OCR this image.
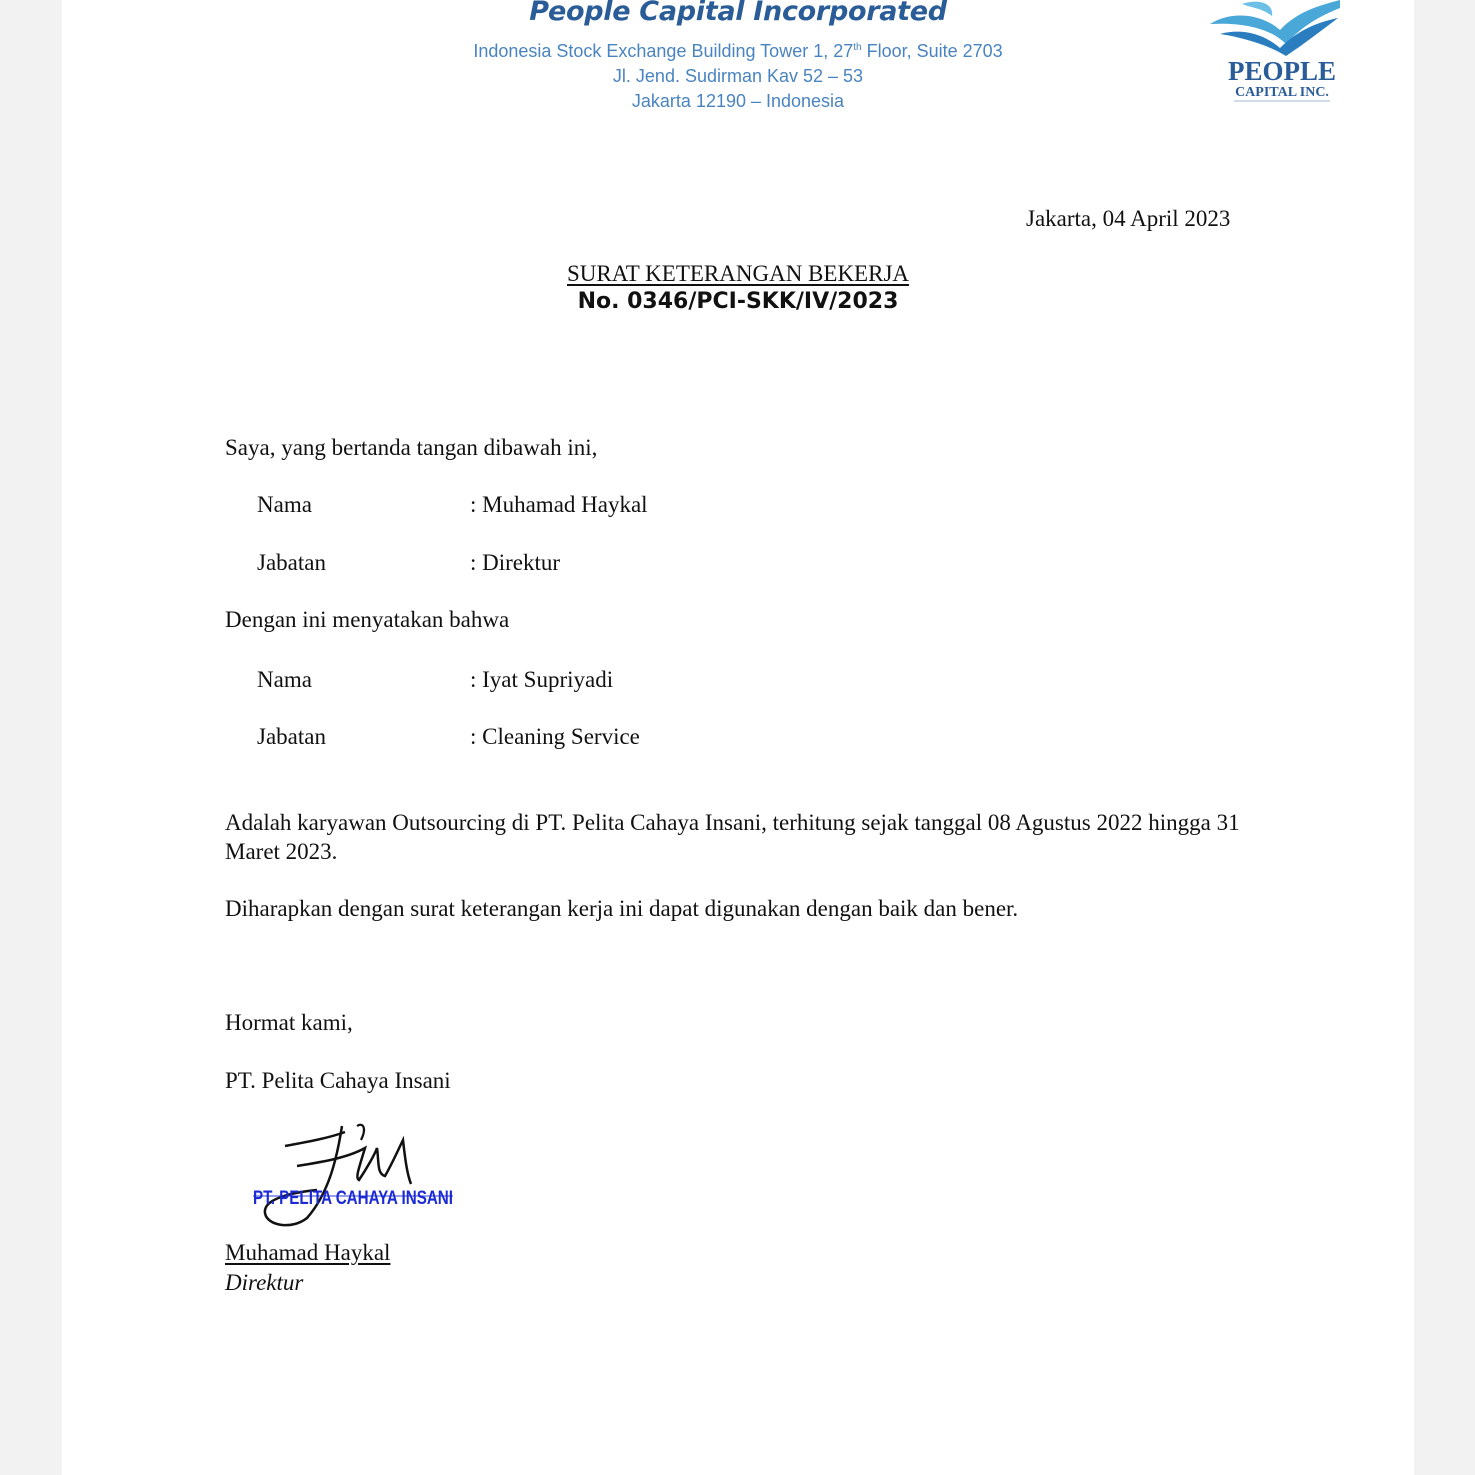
People Capital Incorporated
Indonesia Stock Exchange Building Tower 1, 27th Floor, Suite 2703
Jl. Jend. Sudirman Kav 52 – 53
Jakarta 12190 – Indonesia
PEOPLE
CAPITAL INC.
Jakarta, 04 April 2023
SURAT KETERANGAN BEKERJA
No. 0346/PCI-SKK/IV/2023
Saya, yang bertanda tangan dibawah ini,
Nama	: Muhamad Haykal
Jabatan	: Direktur
Dengan ini menyatakan bahwa
Nama	: Iyat Supriyadi
Jabatan	: Cleaning Service
Adalah karyawan Outsourcing di PT. Pelita Cahaya Insani, terhitung sejak tanggal 08 Agustus 2022 hingga 31 Maret 2023.
Diharapkan dengan surat keterangan kerja ini dapat digunakan dengan baik dan bener.
Hormat kami,
PT. Pelita Cahaya Insani
PT. PELITA CAHAYA INSANI
Muhamad Haykal
Direktur
